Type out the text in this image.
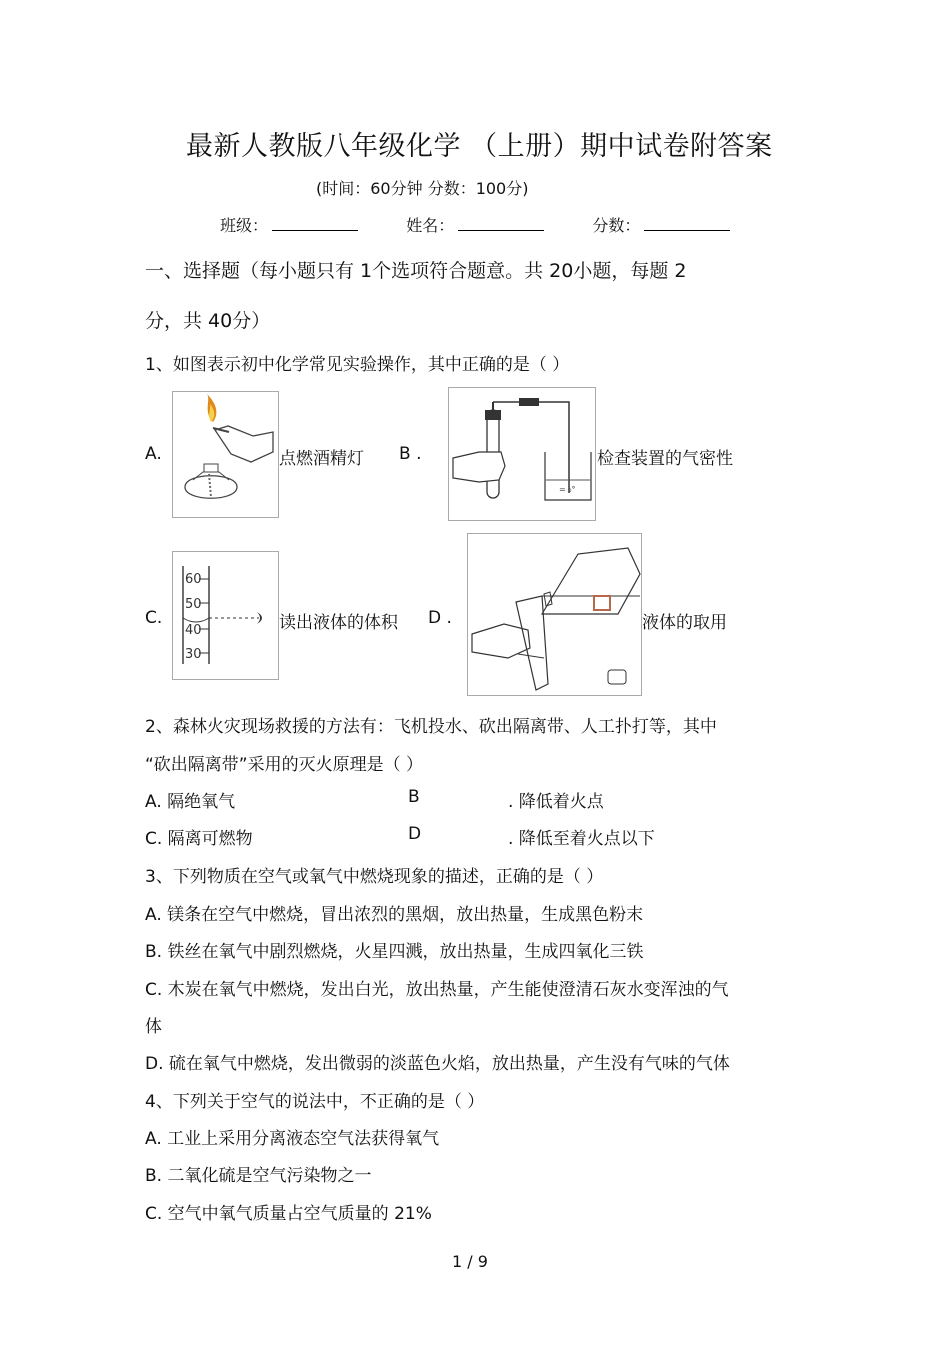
最新人教版八年级化学 （上册）期中试卷附答案
(时间：60分钟 分数：100分)
班级：	姓名：	分数：
一、选择题（每小题只有 1个选项符合题意。共 20小题，每题 2
分，共 40分）
1、如图表示初中化学常见实验操作，其中正确的是（ ）
A.	点燃酒精灯 B .
= ₀°
检查装置的气密性
C.
60
50
40
30
读出液体的体积 D .	液体的取用
2、森林火灾现场救援的方法有：飞机投水、砍出隔离带、人工扑打等，其中
“砍出隔离带”采用的灭火原理是（ ）
A. 隔绝氧气	B	. 降低着火点
C. 隔离可燃物	D	. 降低至着火点以下
3、下列物质在空气或氧气中燃烧现象的描述，正确的是（ ）
A. 镁条在空气中燃烧，冒出浓烈的黑烟，放出热量，生成黑色粉末
B. 铁丝在氧气中剧烈燃烧，火星四溅，放出热量，生成四氧化三铁
C. 木炭在氧气中燃烧，发出白光，放出热量，产生能使澄清石灰水变浑浊的气
体
D. 硫在氧气中燃烧，发出微弱的淡蓝色火焰，放出热量，产生没有气味的气体
4、下列关于空气的说法中，不正确的是（ ）
A. 工业上采用分离液态空气法获得氧气
B. 二氧化硫是空气污染物之一
C. 空气中氧气质量占空气质量的 21%
1 / 9
